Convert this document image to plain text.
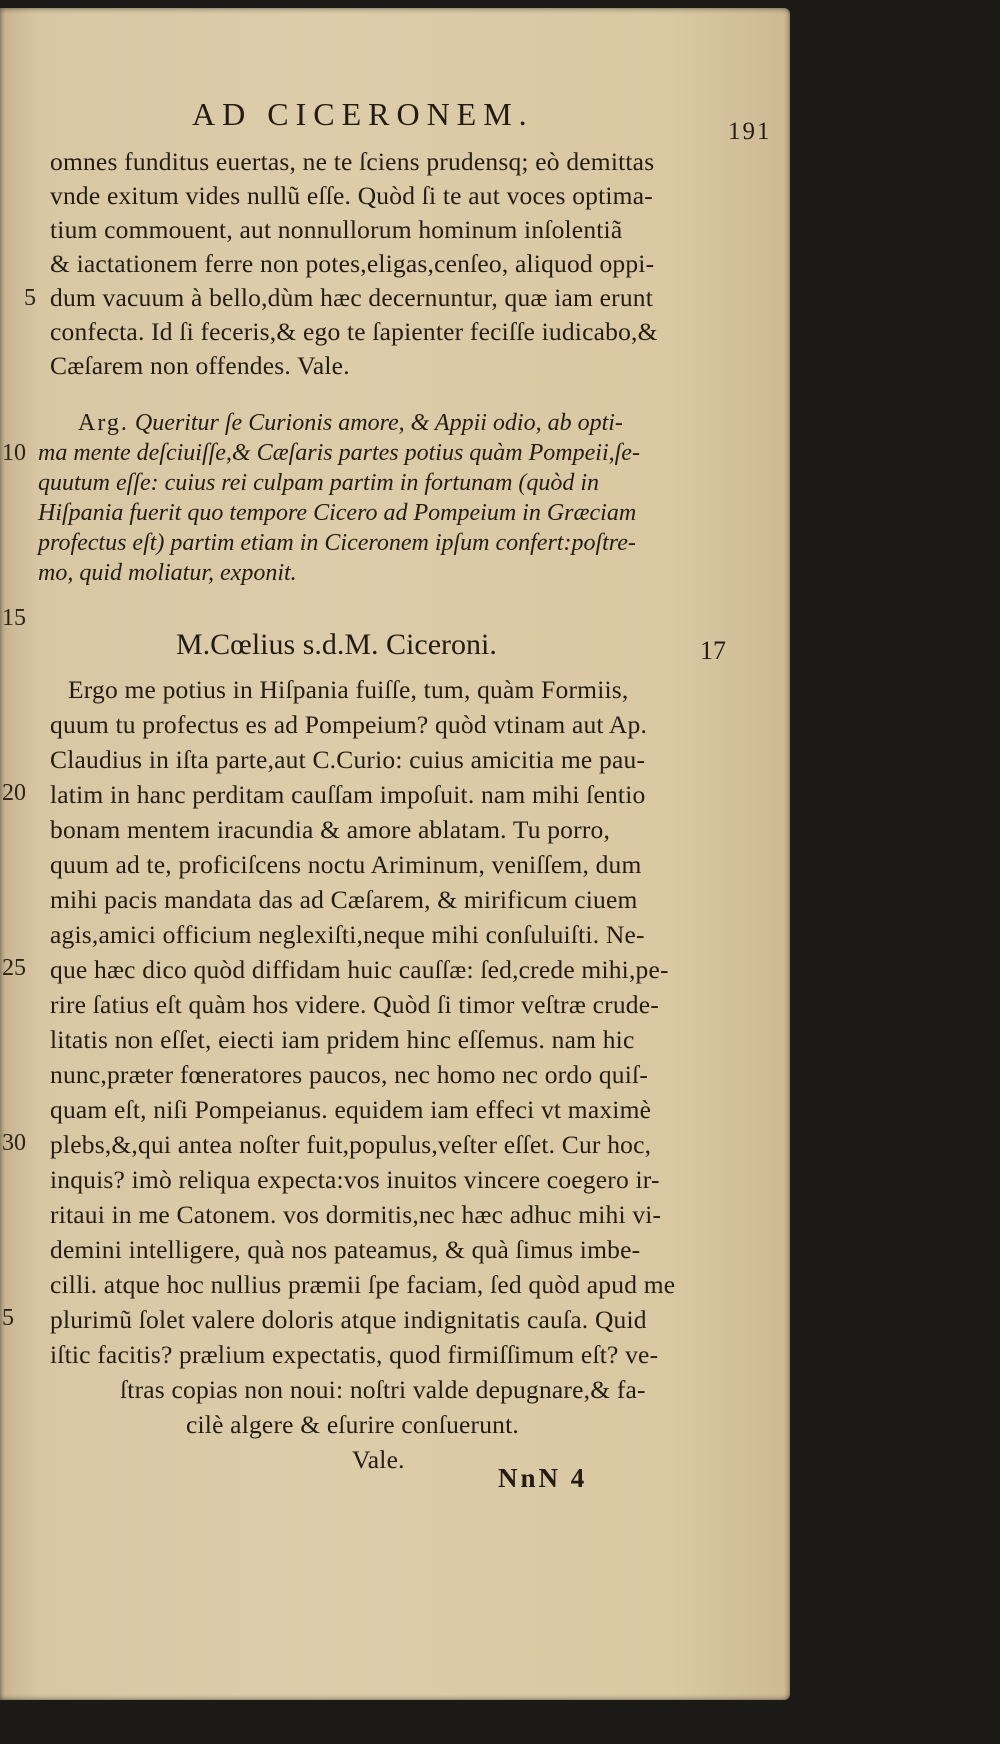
AD CICERONEM.	191
omnes funditus euertas, ne te ſciens prudensq; eò demittas
vnde exitum vides nullũ eſſe. Quòd ſi te aut voces optima-
tium commouent, aut nonnullorum hominum inſolentiã
& iactationem ferre non potes,eligas,cenſeo, aliquod oppi-
dum vacuum à bello,dùm hæc decernuntur, quæ iam erunt
confecta. Id ſi feceris,& ego te ſapienter feciſſe iudicabo,&
Cæſarem non offendes. Vale.
Arg. Queritur ſe Curionis amore, & Appii odio, ab opti-
ma mente deſciuiſſe,& Cæſaris partes potius quàm Pompeii,ſe-
quutum eſſe: cuius rei culpam partim in fortunam (quòd in
Hiſpania fuerit quo tempore Cicero ad Pompeium in Græciam
profectus eſt) partim etiam in Ciceronem ipſum confert:poſtre-
mo, quid moliatur, exponit.
M.Cœlius s.d.M. Ciceroni.	17
Ergo me potius in Hiſpania fuiſſe, tum, quàm Formiis,
quum tu profectus es ad Pompeium? quòd vtinam aut Ap.
Claudius in iſta parte,aut C.Curio: cuius amicitia me pau-
latim in hanc perditam cauſſam impoſuit. nam mihi ſentio
bonam mentem iracundia & amore ablatam. Tu porro,
quum ad te, proficiſcens noctu Ariminum, veniſſem, dum
mihi pacis mandata das ad Cæſarem, & mirificum ciuem
agis,amici officium neglexiſti,neque mihi conſuluiſti. Ne-
que hæc dico quòd diffidam huic cauſſæ: ſed,crede mihi,pe-
rire ſatius eſt quàm hos videre. Quòd ſi timor veſtræ crude-
litatis non eſſet, eiecti iam pridem hinc eſſemus. nam hic
nunc,præter fœneratores paucos, nec homo nec ordo quiſ-
quam eſt, niſi Pompeianus. equidem iam effeci vt maximè
plebs,&,qui antea noſter fuit,populus,veſter eſſet. Cur hoc,
inquis? imò reliqua expecta:vos inuitos vincere coegero ir-
ritaui in me Catonem. vos dormitis,nec hæc adhuc mihi vi-
demini intelligere, quà nos pateamus, & quà ſimus imbe-
cilli. atque hoc nullius præmii ſpe faciam, ſed quòd apud me
plurimũ ſolet valere doloris atque indignitatis cauſa. Quid
iſtic facitis? prælium expectatis, quod firmiſſimum eſt? ve-
ſtras copias non noui: noſtri valde depugnare,& fa-
cilè algere & eſurire conſuerunt.
Vale.
5
10
15
20
25
30
5
NnN 4
